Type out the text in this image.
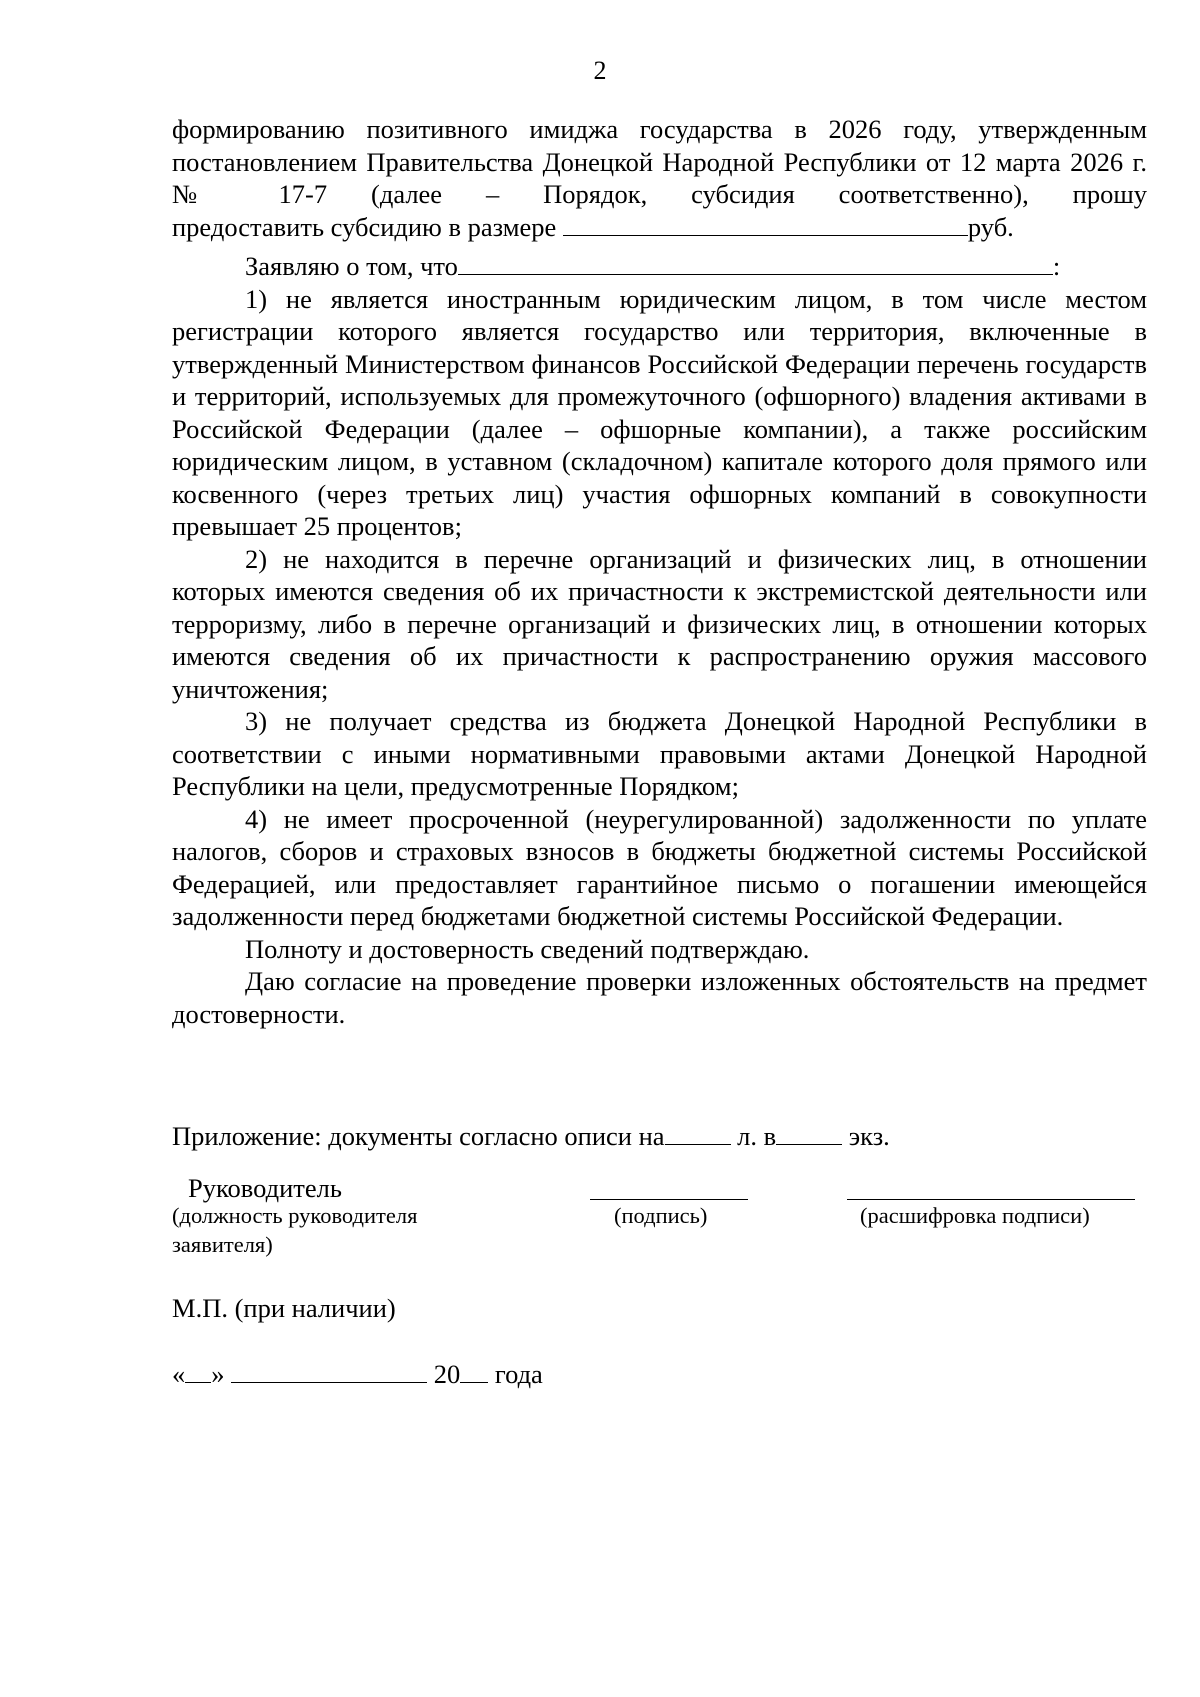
2

формированию позитивного имиджа государства в 2026 году, утвержденным постановлением Правительства Донецкой Народной Республики от 12 марта 2026 г. № 17-7 (далее – Порядок, субсидия соответственно), прошу

предоставить субсидию в размере	руб.

Заявляю о том, что	:

1) не является иностранным юридическим лицом, в том числе местом регистрации которого является государство или территория, включенные в утвержденный Министерством финансов Российской Федерации перечень государств и территорий, используемых для промежуточного (офшорного) владения активами в Российской Федерации (далее – офшорные компании), а также российским юридическим лицом, в уставном (складочном) капитале которого доля прямого или косвенного (через третьих лиц) участия офшорных компаний в совокупности превышает 25 процентов;

2) не находится в перечне организаций и физических лиц, в отношении которых имеются сведения об их причастности к экстремистской деятельности или терроризму, либо в перечне организаций и физических лиц, в отношении которых имеются сведения об их причастности к распространению оружия массового уничтожения;

3) не получает средства из бюджета Донецкой Народной Республики в соответствии с иными нормативными правовыми актами Донецкой Народной Республики на цели, предусмотренные Порядком;

4) не имеет просроченной (неурегулированной) задолженности по уплате налогов, сборов и страховых взносов в бюджеты бюджетной системы Российской Федерацией, или предоставляет гарантийное письмо о погашении имеющейся задолженности перед бюджетами бюджетной системы Российской Федерации.

Полноту и достоверность сведений подтверждаю.

Даю согласие на проведение проверки изложенных обстоятельств на предмет достоверности.

Приложение: документы согласно описи на	л. в	экз.
Руководитель
(должность руководителя	(подпись)	(расшифровка подписи)
заявителя)
М.П. (при наличии)
« »	20 года
